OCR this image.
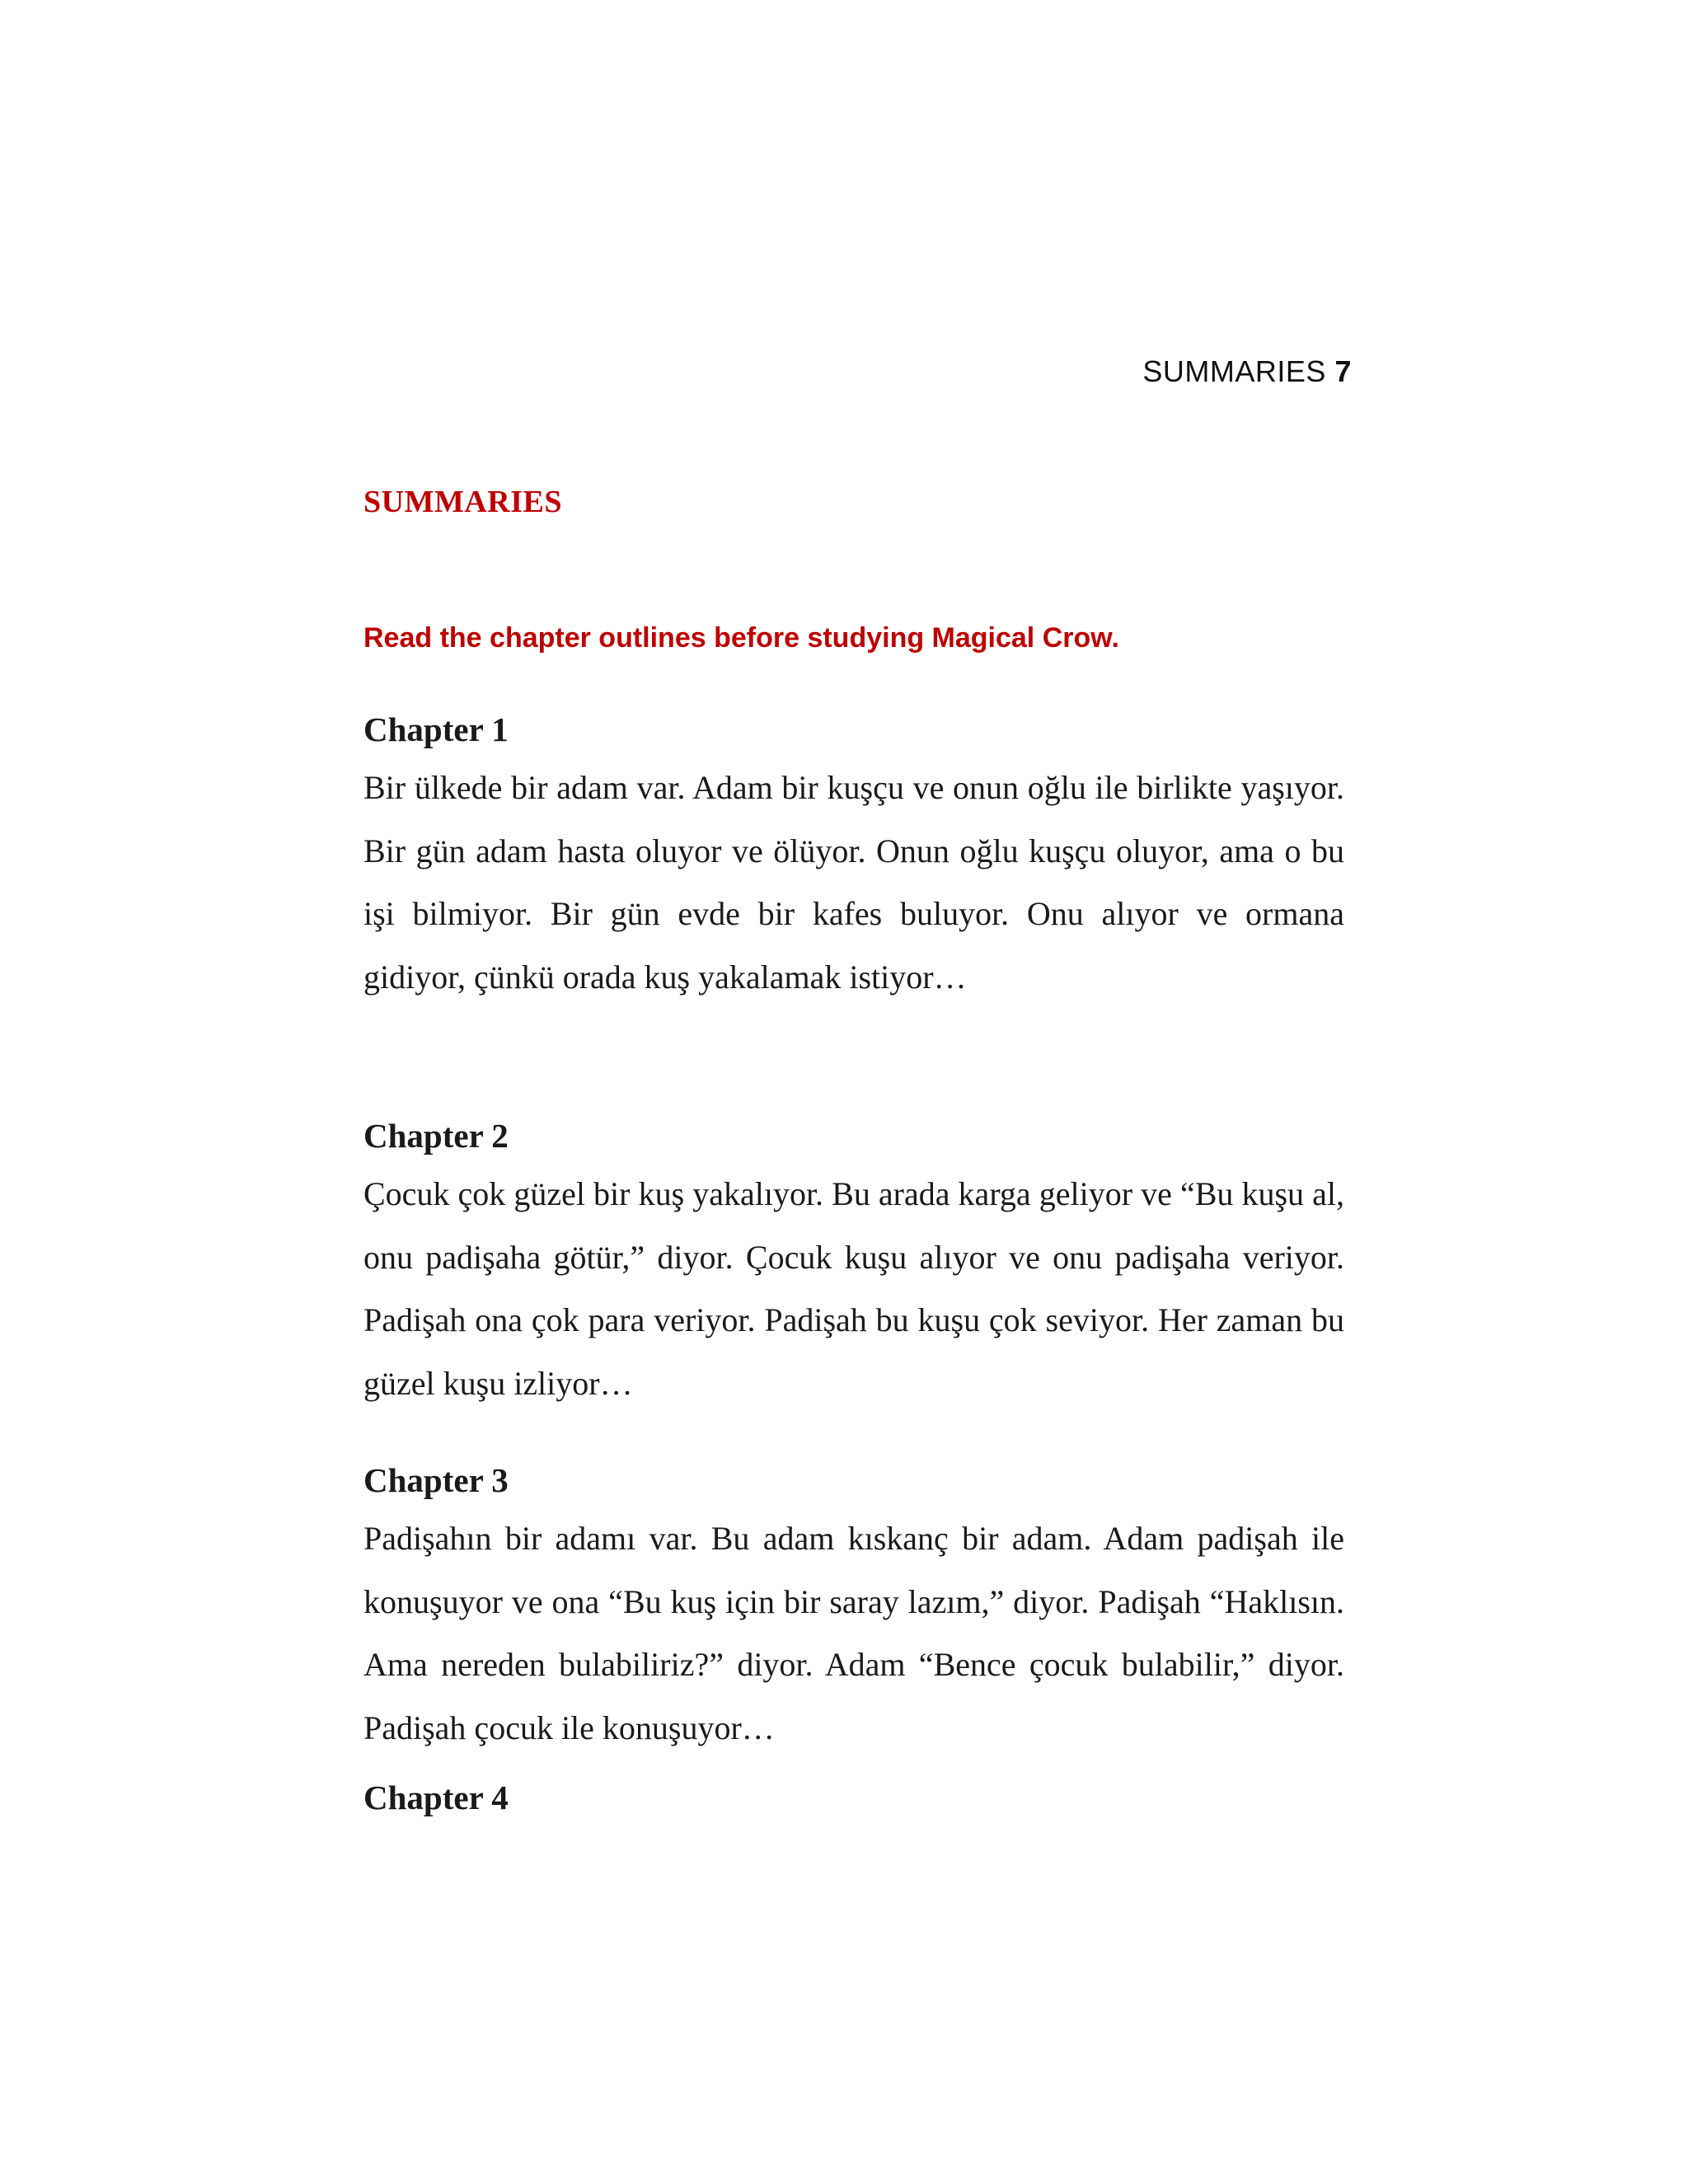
SUMMARIES 7
SUMMARIES
Read the chapter outlines before studying Magical Crow.
Chapter 1

Bir ülkede bir adam var. Adam bir kuşçu ve onun oğlu ile birlikte yaşıyor. Bir gün adam hasta oluyor ve ölüyor. Onun oğlu kuşçu oluyor, ama o bu işi bilmiyor. Bir gün evde bir kafes buluyor. Onu alıyor ve ormana gidiyor, çünkü orada kuş yakalamak istiyor…

Chapter 2

Çocuk çok güzel bir kuş yakalıyor. Bu arada karga geliyor ve “Bu kuşu al, onu padişaha götür,” diyor. Çocuk kuşu alıyor ve onu padişaha veriyor. Padişah ona çok para veriyor. Padişah bu kuşu çok seviyor. Her zaman bu güzel kuşu izliyor…

Chapter 3

Padişahın bir adamı var. Bu adam kıskanç bir adam. Adam padişah ile konuşuyor ve ona “Bu kuş için bir saray lazım,” diyor. Padişah “Haklısın. Ama nereden bulabiliriz?” diyor. Adam “Bence çocuk bulabilir,” diyor. Padişah çocuk ile konuşuyor…

Chapter 4
